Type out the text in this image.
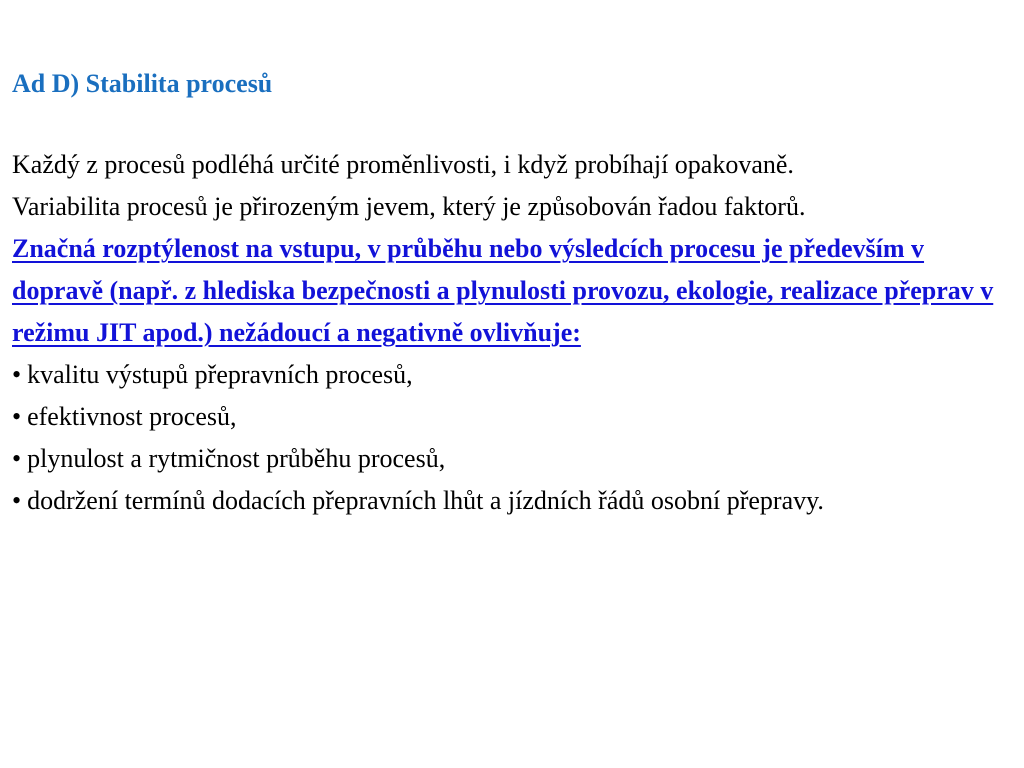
Ad D) Stabilita procesů

Každý z procesů podléhá určité proměnlivosti, i když probíhají opakovaně.

Variabilita procesů je přirozeným jevem, který je způsobován řadou faktorů.

Značná rozptýlenost na vstupu, v průběhu nebo výsledcích procesu je především v dopravě (např. z hlediska bezpečnosti a plynulosti provozu, ekologie, realizace přeprav v režimu JIT apod.) nežádoucí a negativně ovlivňuje:

• kvalitu výstupů přepravních procesů,
• efektivnost procesů,
• plynulost a rytmičnost průběhu procesů,
• dodržení termínů dodacích přepravních lhůt a jízdních řádů osobní přepravy.
